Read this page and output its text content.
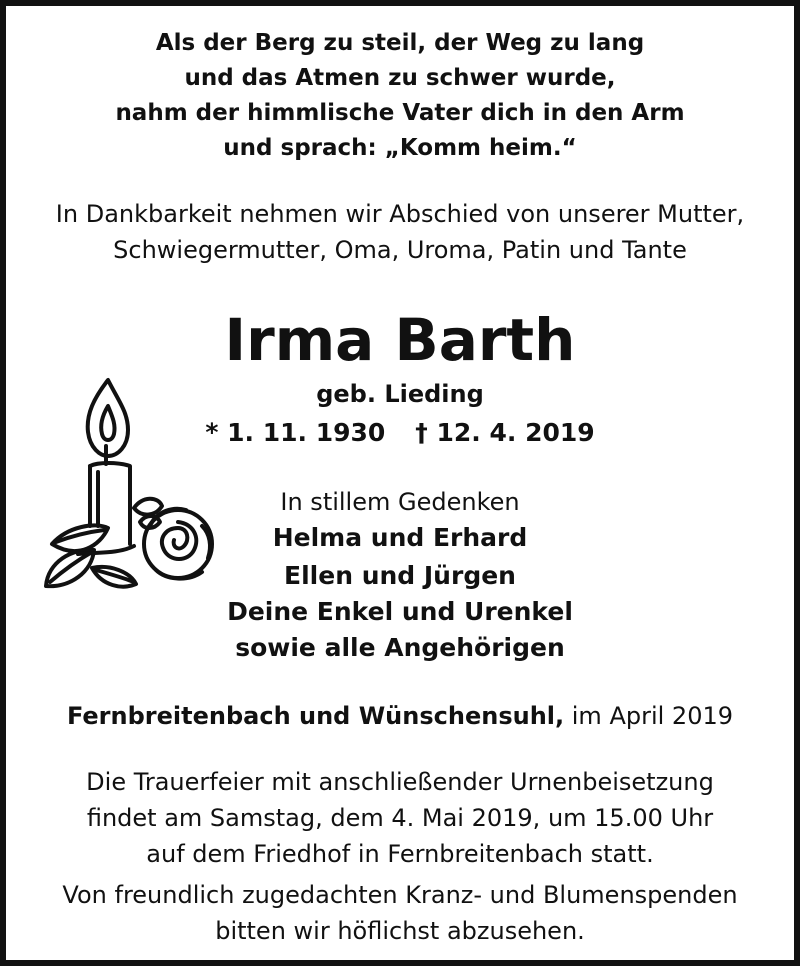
Als der Berg zu steil, der Weg zu lang
und das Atmen zu schwer wurde,
nahm der himmlische Vater dich in den Arm
und sprach: „Komm heim.“
In Dankbarkeit nehmen wir Abschied von unserer Mutter,
Schwiegermutter, Oma, Uroma, Patin und Tante
Irma Barth
geb. Lieding
* 1. 11. 1930 † 12. 4. 2019
In stillem Gedenken
Helma und Erhard
Ellen und Jürgen
Deine Enkel und Urenkel
sowie alle Angehörigen
Fernbreitenbach und Wünschensuhl, im April 2019
Die Trauerfeier mit anschließender Urnenbeisetzung
findet am Samstag, dem 4. Mai 2019, um 15.00 Uhr
auf dem Friedhof in Fernbreitenbach statt.
Von freundlich zugedachten Kranz- und Blumenspenden
bitten wir höflichst abzusehen.
